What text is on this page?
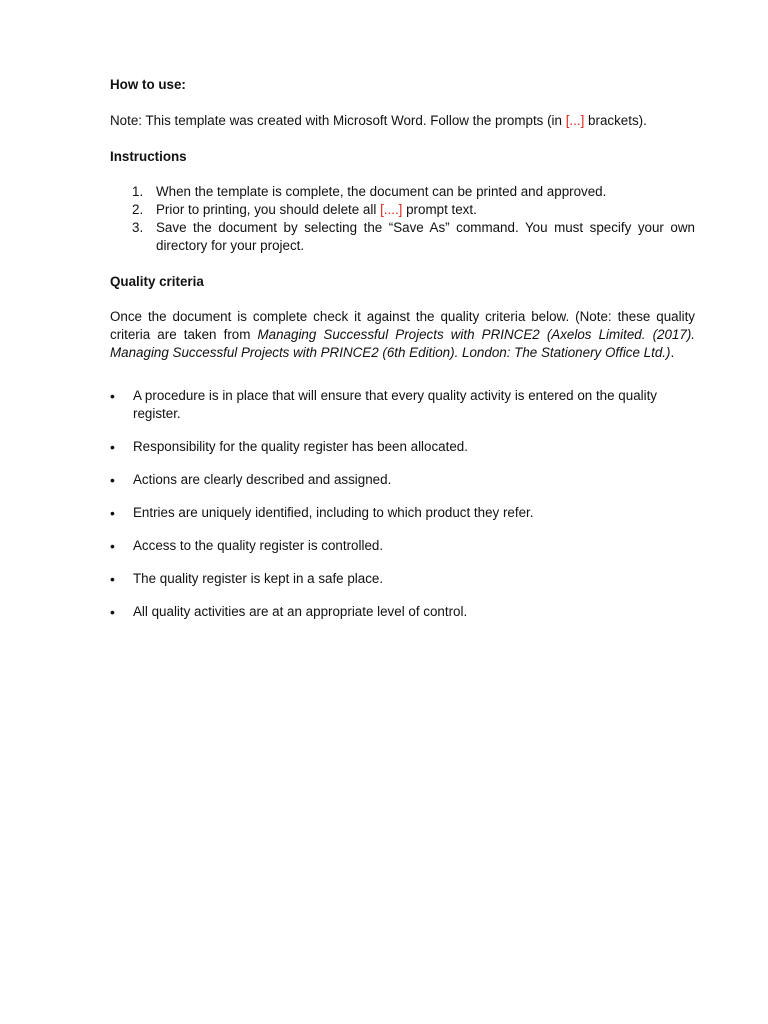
How to use:

Note: This template was created with Microsoft Word. Follow the prompts (in [...] brackets).

Instructions

1. When the template is complete, the document can be printed and approved.
2. Prior to printing, you should delete all [....] prompt text.
3. Save the document by selecting the “Save As” command. You must specify your own directory for your project.

Quality criteria

Once the document is complete check it against the quality criteria below. (Note: these quality criteria are taken from Managing Successful Projects with PRINCE2 (Axelos Limited. (2017). Managing Successful Projects with PRINCE2 (6th Edition). London: The Stationery Office Ltd.).

• A procedure is in place that will ensure that every quality activity is entered on the quality register.
• Responsibility for the quality register has been allocated.
• Actions are clearly described and assigned.
• Entries are uniquely identified, including to which product they refer.
• Access to the quality register is controlled.
• The quality register is kept in a safe place.
• All quality activities are at an appropriate level of control.
